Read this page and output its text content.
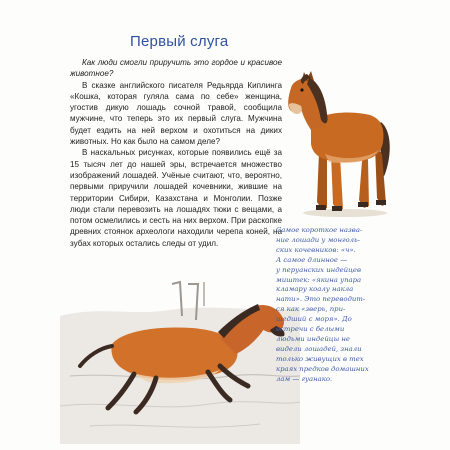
Первый слуга

Как люди смогли приручить это гордое и красивое животное?

В сказке английского писателя Редьярда Киплинга «Кошка, которая гуляла сама по себе» женщина, угостив дикую лошадь сочной травой, сообщила мужчине, что теперь это их первый слуга. Мужчина будет ездить на ней верхом и охотиться на диких животных. Но как было на самом деле?

В наскальных рисунках, которые появились ещё за 15 тысяч лет до нашей эры, встречается множество изображений лошадей. Учёные считают, что, вероятно, первыми приручили лошадей кочевники, жившие на территории Сибири, Казахстана и Монголии. Позже люди стали перевозить на лошадях тюки с вещами, а потом осмелились и сесть на них верхом. При раскопке древних стоянок археологи находили черепа коней, на зубах которых остались следы от удил.

Самое короткое назва-
ние лошади у монголь-
ских кочевников: «ч».
А самое длинное —
у перуанских индейцев
миштек: «якина упара
кламару коалу накла
нати». Это переводит-
ся как «зверь, при-
шедший с моря». До
встречи с белыми
людьми индейцы не
видели лошадей, знали
только живущих в тех
краях предков домашних
лам — гуанако.
